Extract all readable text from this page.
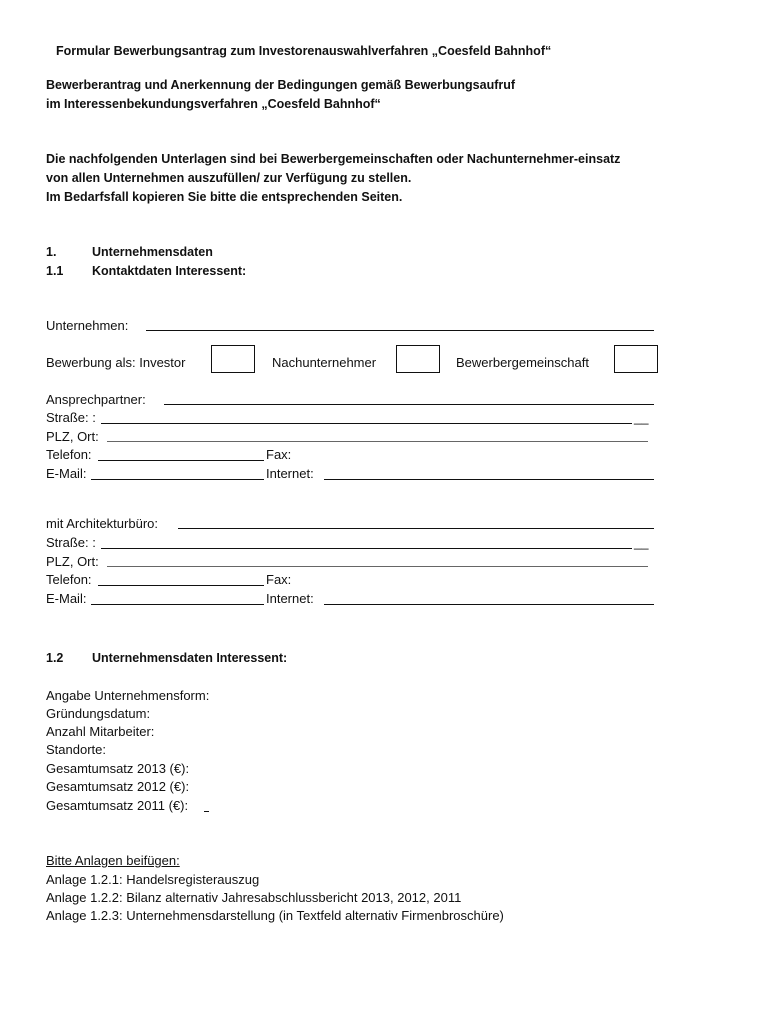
Formular Bewerbungsantrag zum Investorenauswahlverfahren „Coesfeld Bahnhof“
Bewerberantrag und Anerkennung der Bedingungen gemäß Bewerbungsaufruf
im Interessenbekundungsverfahren „Coesfeld Bahnhof“
Die nachfolgenden Unterlagen sind bei Bewerbergemeinschaften oder Nachunternehmer-einsatz
von allen Unternehmen auszufüllen/ zur Verfügung zu stellen.
Im Bedarfsfall kopieren Sie bitte die entsprechenden Seiten.
1.	Unternehmensdaten
1.1 Kontaktdaten Interessent:
Unternehmen:
Bewerbung als: Investor	Nachunternehmer	Bewerbergemeinschaft
Ansprechpartner:
Straße: :	__
PLZ, Ort:
Telefon:	Fax:
E-Mail:	Internet:
mit Architekturbüro:
Straße: :	__
PLZ, Ort:
Telefon:	Fax:
E-Mail:	Internet:
1.2 Unternehmensdaten Interessent:
Angabe Unternehmensform:
Gründungsdatum:
Anzahl Mitarbeiter:
Standorte:
Gesamtumsatz 2013 (€):
Gesamtumsatz 2012 (€):
Gesamtumsatz 2011 (€):
Bitte Anlagen beifügen:
Anlage 1.2.1: Handelsregisterauszug
Anlage 1.2.2: Bilanz alternativ Jahresabschlussbericht 2013, 2012, 2011
Anlage 1.2.3: Unternehmensdarstellung (in Textfeld alternativ Firmenbroschüre)
